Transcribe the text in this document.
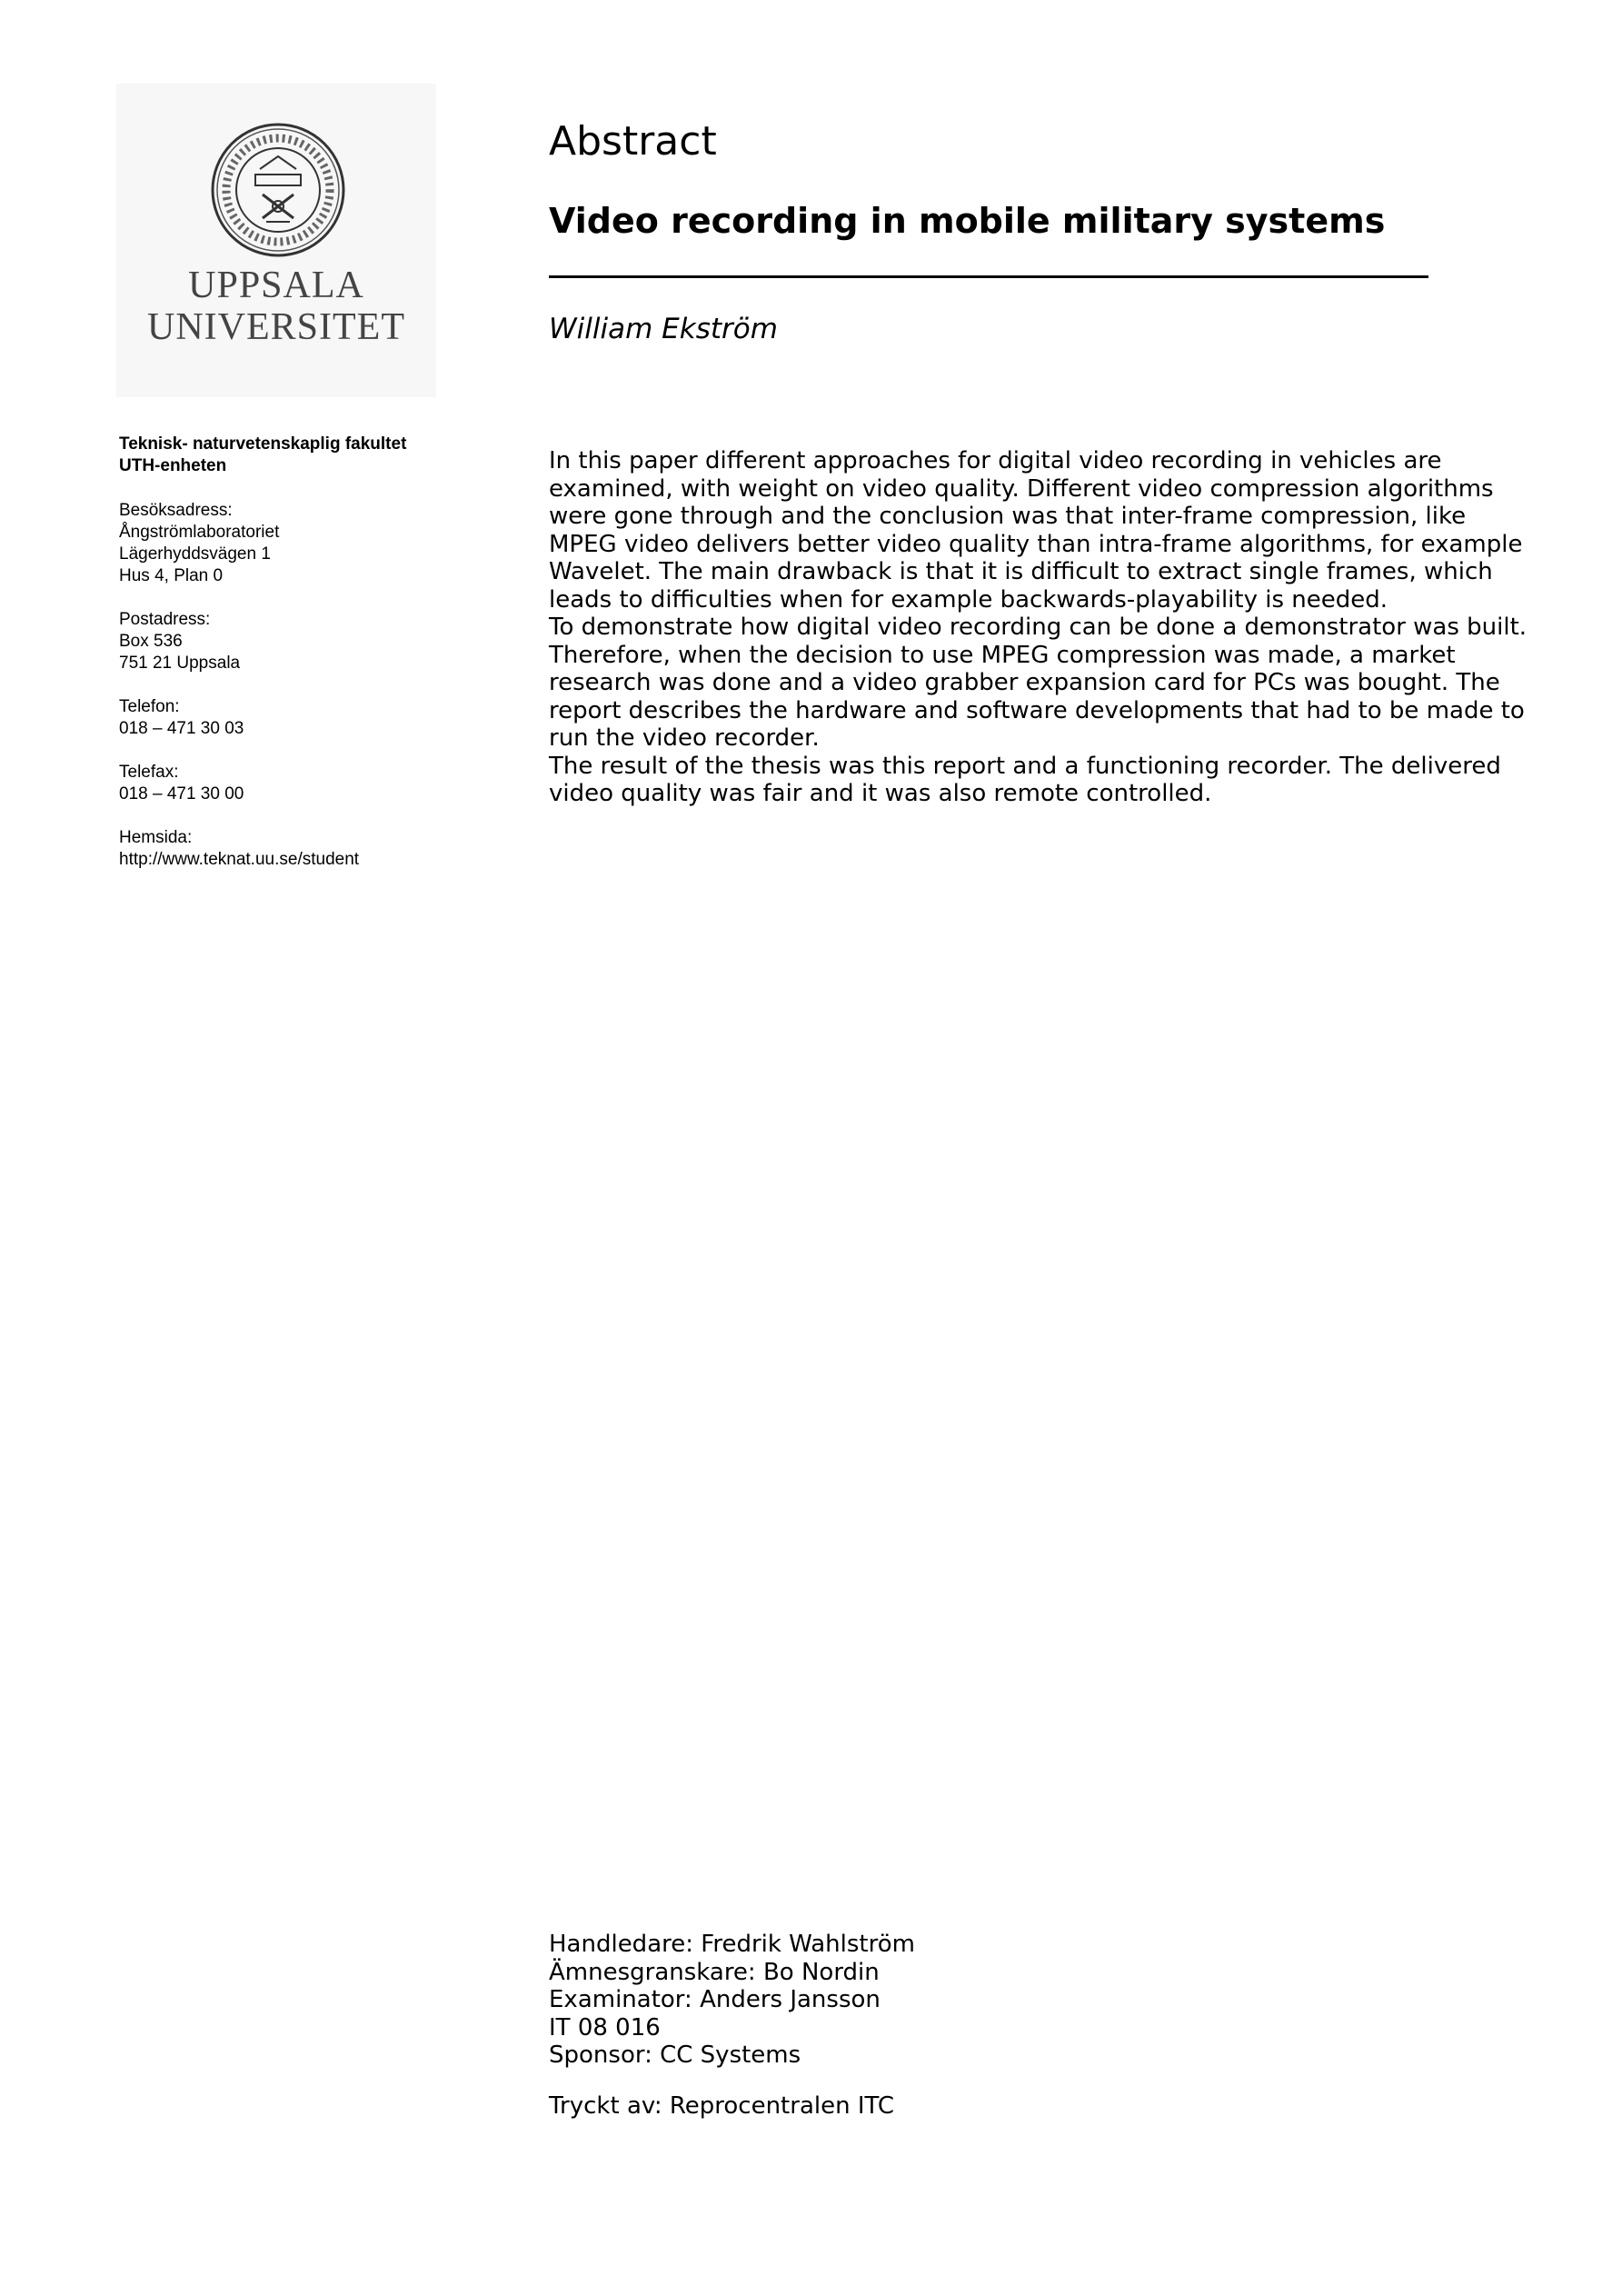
UPPSALA
UNIVERSITET
Teknisk- naturvetenskaplig fakultet
UTH-enheten
Besöksadress:
Ångströmlaboratoriet
Lägerhyddsvägen 1
Hus 4, Plan 0
Postadress:
Box 536
751 21 Uppsala
Telefon:
018 – 471 30 03
Telefax:
018 – 471 30 00
Hemsida:
http://www.teknat.uu.se/student
Abstract
Video recording in mobile military systems
William Ekström

In this paper different approaches for digital video recording in vehicles are examined, with weight on video quality. Different video compression algorithms were gone through and the conclusion was that inter-frame compression, like MPEG video delivers better video quality than intra-frame algorithms, for example Wavelet. The main drawback is that it is difficult to extract single frames, which leads to difficulties when for example backwards-playability is needed.

To demonstrate how digital video recording can be done a demonstrator was built. Therefore, when the decision to use MPEG compression was made, a market research was done and a video grabber expansion card for PCs was bought. The report describes the hardware and software developments that had to be made to run the video recorder.

The result of the thesis was this report and a functioning recorder. The delivered video quality was fair and it was also remote controlled.

Handledare: Fredrik Wahlström
Ämnesgranskare: Bo Nordin
Examinator: Anders Jansson
IT 08 016
Sponsor: CC Systems
Tryckt av: Reprocentralen ITC
